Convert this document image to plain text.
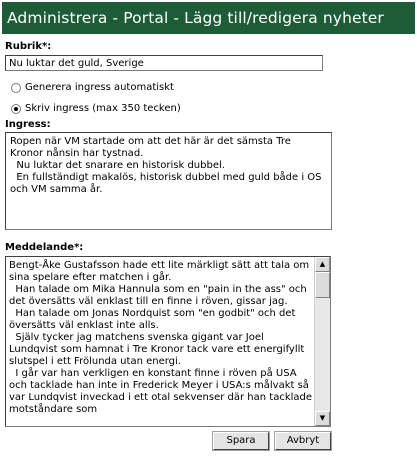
Administrera - Portal - Lägg till/redigera nyheter
Rubrik*:
Nu luktar det guld, Sverige
Generera ingress automatiskt
Skriv ingress (max 350 tecken)
Ingress:
Ropen när VM startade om att det här är det sämsta Tre Kronor nånsin har tystnad. Nu luktar det snarare en historisk dubbel. En fullständigt makalös, historisk dubbel med guld både i OS och VM samma år.
Meddelande*:
Bengt-Åke Gustafsson hade ett lite märkligt sätt att tala om sina spelare efter matchen i går.
Han talade om Mika Hannula som en "pain in the ass" och det översätts väl enklast till en finne i röven, gissar jag.
Han talade om Jonas Nordquist som "en godbit" och det översätts väl enklast inte alls.
Själv tycker jag matchens svenska gigant var Joel Lundqvist som hamnat i Tre Kronor tack vare ett energifyllt slutspel i ett Frölunda utan energi.
I går var han verkligen en konstant finne i röven på USA och tacklade han inte in Frederick Meyer i USA:s målvakt så var Lundqvist inveckad i ett otal sekvenser där han tacklade motståndare som
▲
▼
Spara	Avbryt
